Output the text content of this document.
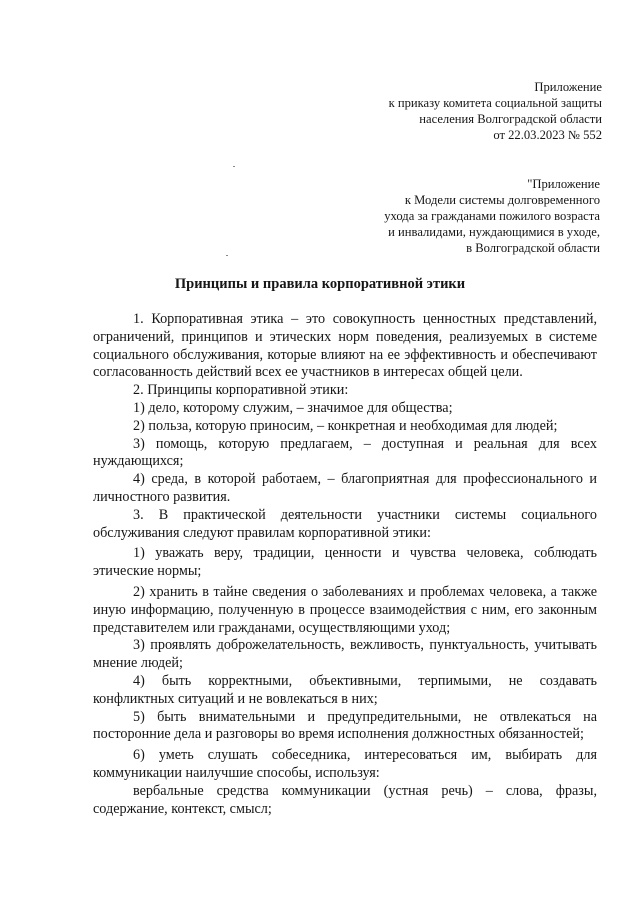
Приложение
к приказу комитета социальной защиты
населения Волгоградской области
от 22.03.2023 № 552
"Приложение
к Модели системы долговременного
ухода за гражданами пожилого возраста
и инвалидами, нуждающимися в уходе,
в Волгоградской области
Принципы и правила корпоративной этики

1. Корпоративная этика – это совокупность ценностных представлений, ограничений, принципов и этических норм поведения, реализуемых в системе социального обслуживания, которые влияют на ее эффективность и обеспечивают согласованность действий всех ее участников в интересах общей цели.

2. Принципы корпоративной этики:

1) дело, которому служим, – значимое для общества;

2) польза, которую приносим, – конкретная и необходимая для людей;

3) помощь, которую предлагаем, – доступная и реальная для всех нуждающихся;

4) среда, в которой работаем, – благоприятная для профессионального и личностного развития.

3. В практической деятельности участники системы социального обслуживания следуют правилам корпоративной этики:

1) уважать веру, традиции, ценности и чувства человека, соблюдать этические нормы;

2) хранить в тайне сведения о заболеваниях и проблемах человека, а также иную информацию, полученную в процессе взаимодействия с ним, его законным представителем или гражданами, осуществляющими уход;

3) проявлять доброжелательность, вежливость, пунктуальность, учитывать мнение людей;

4) быть корректными, объективными, терпимыми, не создавать конфликтных ситуаций и не вовлекаться в них;

5) быть внимательными и предупредительными, не отвлекаться на посторонние дела и разговоры во время исполнения должностных обязанностей;

6) уметь слушать собеседника, интересоваться им, выбирать для коммуникации наилучшие способы, используя:

вербальные средства коммуникации (устная речь) – слова, фразы, содержание, контекст, смысл;
